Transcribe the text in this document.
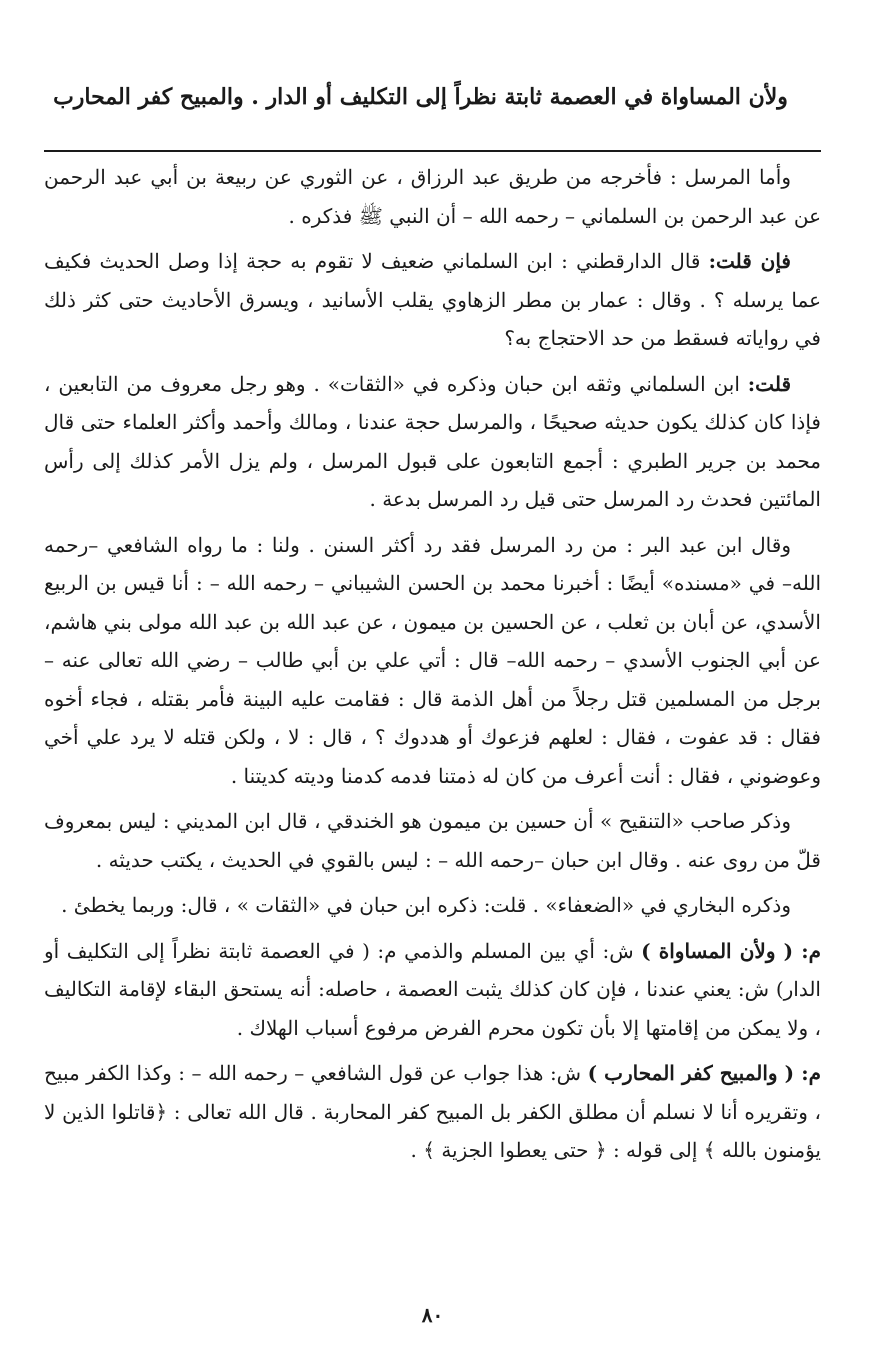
ولأن المساواة في العصمة ثابتة نظراً إلى التكليف أو الدار . والمبيح كفر المحارب

وأما المرسل : فأخرجه من طريق عبد الرزاق ، عن الثوري عن ربيعة بن أبي عبد الرحمن عن عبد الرحمن بن السلماني – رحمه الله – أن النبي ﷺ فذكره .

فإن قلت: قال الدارقطني : ابن السلماني ضعيف لا تقوم به حجة إذا وصل الحديث فكيف عما يرسله ؟ . وقال : عمار بن مطر الزهاوي يقلب الأسانيد ، ويسرق الأحاديث حتى كثر ذلك في رواياته فسقط من حد الاحتجاج به؟

قلت: ابن السلماني وثقه ابن حبان وذكره في «الثقات» . وهو رجل معروف من التابعين ، فإذا كان كذلك يكون حديثه صحيحًا ، والمرسل حجة عندنا ، ومالك وأحمد وأكثر العلماء حتى قال محمد بن جرير الطبري : أجمع التابعون على قبول المرسل ، ولم يزل الأمر كذلك إلى رأس المائتين فحدث رد المرسل حتى قيل رد المرسل بدعة .

وقال ابن عبد البر : من رد المرسل فقد رد أكثر السنن . ولنا : ما رواه الشافعي –رحمه الله– في «مسنده» أيضًا : أخبرنا محمد بن الحسن الشيباني – رحمه الله – : أنا قيس بن الربيع الأسدي، عن أبان بن ثعلب ، عن الحسين بن ميمون ، عن عبد الله بن عبد الله مولى بني هاشم، عن أبي الجنوب الأسدي – رحمه الله– قال : أتي علي بن أبي طالب – رضي الله تعالى عنه – برجل من المسلمين قتل رجلاً من أهل الذمة قال : فقامت عليه البينة فأمر بقتله ، فجاء أخوه فقال : قد عفوت ، فقال : لعلهم فزعوك أو هددوك ؟ ، قال : لا ، ولكن قتله لا يرد علي أخي وعوضوني ، فقال : أنت أعرف من كان له ذمتنا فدمه كدمنا وديته كديتنا .

وذكر صاحب «التنقيح » أن حسين بن ميمون هو الخندقي ، قال ابن المديني : ليس بمعروف قلّ من روى عنه . وقال ابن حبان –رحمه الله – : ليس بالقوي في الحديث ، يكتب حديثه .

وذكره البخاري في «الضعفاء» . قلت: ذكره ابن حبان في «الثقات » ، قال: وربما يخطئ .

م: ( ولأن المساواة ) ش: أي بين المسلم والذمي م: ( في العصمة ثابتة نظراً إلى التكليف أو الدار) ش: يعني عندنا ، فإن كان كذلك يثبت العصمة ، حاصله: أنه يستحق البقاء لإقامة التكاليف ، ولا يمكن من إقامتها إلا بأن تكون محرم الفرض مرفوع أسباب الهلاك .

م: ( والمبيح كفر المحارب ) ش: هذا جواب عن قول الشافعي – رحمه الله – : وكذا الكفر مبيح ، وتقريره أنا لا نسلم أن مطلق الكفر بل المبيح كفر المحاربة . قال الله تعالى : ﴿قاتلوا الذين لا يؤمنون بالله ﴾ إلى قوله : ﴿ حتى يعطوا الجزية ﴾ .

٨٠
